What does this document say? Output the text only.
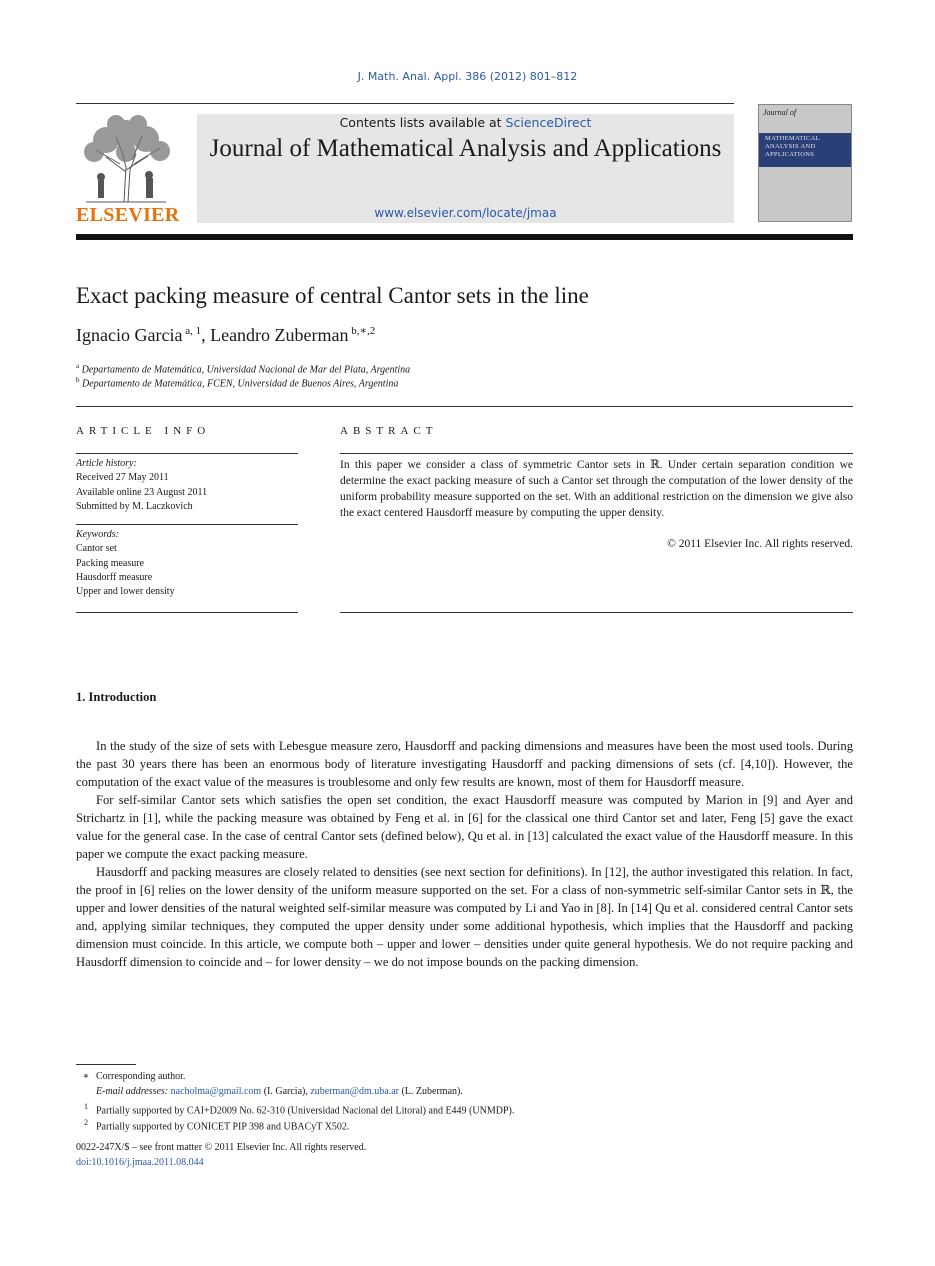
J. Math. Anal. Appl. 386 (2012) 801–812
ELSEVIER
Contents lists available at ScienceDirect
Journal of Mathematical Analysis and Applications
www.elsevier.com/locate/jmaa
Journal of
MATHEMATICAL ANALYSIS AND APPLICATIONS
Exact packing measure of central Cantor sets in the line
Ignacio Garcia $^{a, 1}$, Leandro Zuberman $^{b,∗,2}$
$^a$ Departamento de Matemática, Universidad Nacional de Mar del Plata, Argentina
$^b$ Departamento de Matemática, FCEN, Universidad de Buenos Aires, Argentina
ARTICLE INFO
Article history:
Received 27 May 2011
Available online 23 August 2011
Submitted by M. Laczkovich
Keywords:
Cantor set
Packing measure
Hausdorff measure
Upper and lower density
ABSTRACT
In this paper we consider a class of symmetric Cantor sets in ℝ. Under certain separation condition we determine the exact packing measure of such a Cantor set through the computation of the lower density of the uniform probability measure supported on the set. With an additional restriction on the dimension we give also the exact centered Hausdorff measure by computing the upper density.
© 2011 Elsevier Inc. All rights reserved.
1. Introduction

In the study of the size of sets with Lebesgue measure zero, Hausdorff and packing dimensions and measures have been the most used tools. During the past 30 years there has been an enormous body of literature investigating Hausdorff and packing dimensions of sets (cf. [4,10]). However, the computation of the exact value of the measures is troublesome and only few results are known, most of them for Hausdorff measure.

For self-similar Cantor sets which satisfies the open set condition, the exact Hausdorff measure was computed by Marion in [9] and Ayer and Strichartz in [1], while the packing measure was obtained by Feng et al. in [6] for the classical one third Cantor set and later, Feng [5] gave the exact value for the general case. In the case of central Cantor sets (defined below), Qu et al. in [13] calculated the exact value of the Hausdorff measure. In this paper we compute the exact packing measure.

Hausdorff and packing measures are closely related to densities (see next section for definitions). In [12], the author investigated this relation. In fact, the proof in [6] relies on the lower density of the uniform measure supported on the set. For a class of non-symmetric self-similar Cantor sets in ℝ, the upper and lower densities of the natural weighted self-similar measure was computed by Li and Yao in [8]. In [14] Qu et al. considered central Cantor sets and, applying similar techniques, they computed the upper density under some additional hypothesis, which implies that the Hausdorff and packing dimension must coincide. In this article, we compute both – upper and lower – densities under quite general hypothesis. We do not require packing and Hausdorff dimension to coincide and – for lower density – we do not impose bounds on the packing dimension.

∗ Corresponding author.
E-mail addresses: nacholma@gmail.com (I. Garcia), zuberman@dm.uba.ar (L. Zuberman).
$^1$ Partially supported by CAI+D2009 No. 62-310 (Universidad Nacional del Litoral) and E449 (UNMDP).
$^2$ Partially supported by CONICET PIP 398 and UBACyT X502.
0022-247X/$ – see front matter © 2011 Elsevier Inc. All rights reserved.
doi:10.1016/j.jmaa.2011.08.044
